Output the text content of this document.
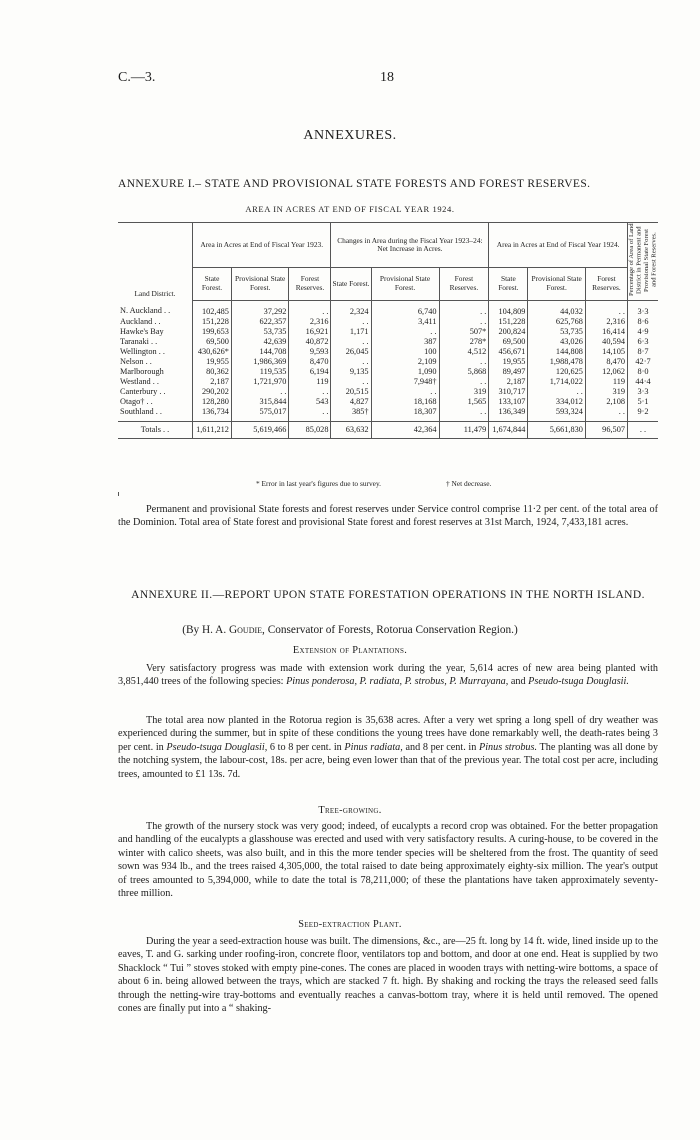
C.—3.	18
ANNEXURES.
ANNEXURE I.– STATE AND PROVISIONAL STATE FORESTS AND FOREST RESERVES.
AREA IN ACRES AT END OF FISCAL YEAR 1924.
Land District.	Area in Acres at End of Fiscal Year 1923.			Changes in Area during the Fiscal Year 1923–24: Net Increase in Acres.			Area in Acres at End of Fiscal Year 1924.			Percentage of Area of Land District in Permanent and Provisional State Forest and Forest Reserves.
	State Forest.	Provisional State Forest.	Forest Reserves.	State Forest.	Provisional State Forest.	Forest Reserves.	State Forest.	Provisional State Forest.	Forest Reserves.	
N. Auckland . .	102,485	37,292	. .	2,324	6,740	. .	104,809	44,032	. .	3·3
Auckland . .	151,228	622,357	2,316	. .	3,411	. .	151,228	625,768	2,316	8·6
Hawke's Bay	199,653	53,735	16,921	1,171	. .	507*	200,824	53,735	16,414	4·9
Taranaki . .	69,500	42,639	40,872	. .	387	278*	69,500	43,026	40,594	6·3
Wellington . .	430,626*	144,708	9,593	26,045	100	4,512	456,671	144,808	14,105	8·7
Nelson . .	19,955	1,986,369	8,470	. .	2,109	. .	19,955	1,988,478	8,470	42·7
Marlborough	80,362	119,535	6,194	9,135	1,090	5,868	89,497	120,625	12,062	8·0
Westland . .	2,187	1,721,970	119	. .	7,948†	. .	2,187	1,714,022	119	44·4
Canterbury . .	290,202	. .	. .	20,515	. .	319	310,717	. .	319	3·3
Otago† . .	128,280	315,844	543	4,827	18,168	1,565	133,107	334,012	2,108	5·1
Southland . .	136,734	575,017	. .	385†	18,307	. .	136,349	593,324	. .	9·2
Totals . .	1,611,212	5,619,466	85,028	63,632	42,364	11,479	1,674,844	5,661,830	96,507	. .
* Error in last year's figures due to survey.	† Net decrease.
Permanent and provisional State forests and forest reserves under Service control comprise 11·2 per cent. of the total area of the Dominion. Total area of State forest and provisional State forest and forest reserves at 31st March, 1924, 7,433,181 acres.
ANNEXURE II.—REPORT UPON STATE FORESTATION OPERATIONS IN THE NORTH ISLAND.
(By H. A. Goudie, Conservator of Forests, Rotorua Conservation Region.)
Extension of Plantations.
Very satisfactory progress was made with extension work during the year, 5,614 acres of new area being planted with 3,851,440 trees of the following species: Pinus ponderosa, P. radiata, P. strobus, P. Murrayana, and Pseudo-tsuga Douglasii.
The total area now planted in the Rotorua region is 35,638 acres. After a very wet spring a long spell of dry weather was experienced during the summer, but in spite of these conditions the young trees have done remarkably well, the death-rates being 3 per cent. in Pseudo-tsuga Douglasii, 6 to 8 per cent. in Pinus radiata, and 8 per cent. in Pinus strobus. The planting was all done by the notching system, the labour-cost, 18s. per acre, being even lower than that of the previous year. The total cost per acre, including trees, amounted to £1 13s. 7d.
Tree-growing.
The growth of the nursery stock was very good; indeed, of eucalypts a record crop was obtained. For the better propagation and handling of the eucalypts a glasshouse was erected and used with very satisfactory results. A curing-house, to be covered in the winter with calico sheets, was also built, and in this the more tender species will be sheltered from the frost. The quantity of seed sown was 934 lb., and the trees raised 4,305,000, the total raised to date being approximately eighty-six million. The year's output of trees amounted to 5,394,000, while to date the total is 78,211,000; of these the plantations have taken approximately seventy-three million.
Seed-extraction Plant.
During the year a seed-extraction house was built. The dimensions, &c., are—25 ft. long by 14 ft. wide, lined inside up to the eaves, T. and G. sarking under roofing-iron, concrete floor, ventilators top and bottom, and door at one end. Heat is supplied by two Shacklock “ Tui ” stoves stoked with empty pine-cones. The cones are placed in wooden trays with netting-wire bottoms, a space of about 6 in. being allowed between the trays, which are stacked 7 ft. high. By shaking and rocking the trays the released seed falls through the netting-wire tray-bottoms and eventually reaches a canvas-bottom tray, where it is held until removed. The opened cones are finally put into a “ shaking-
